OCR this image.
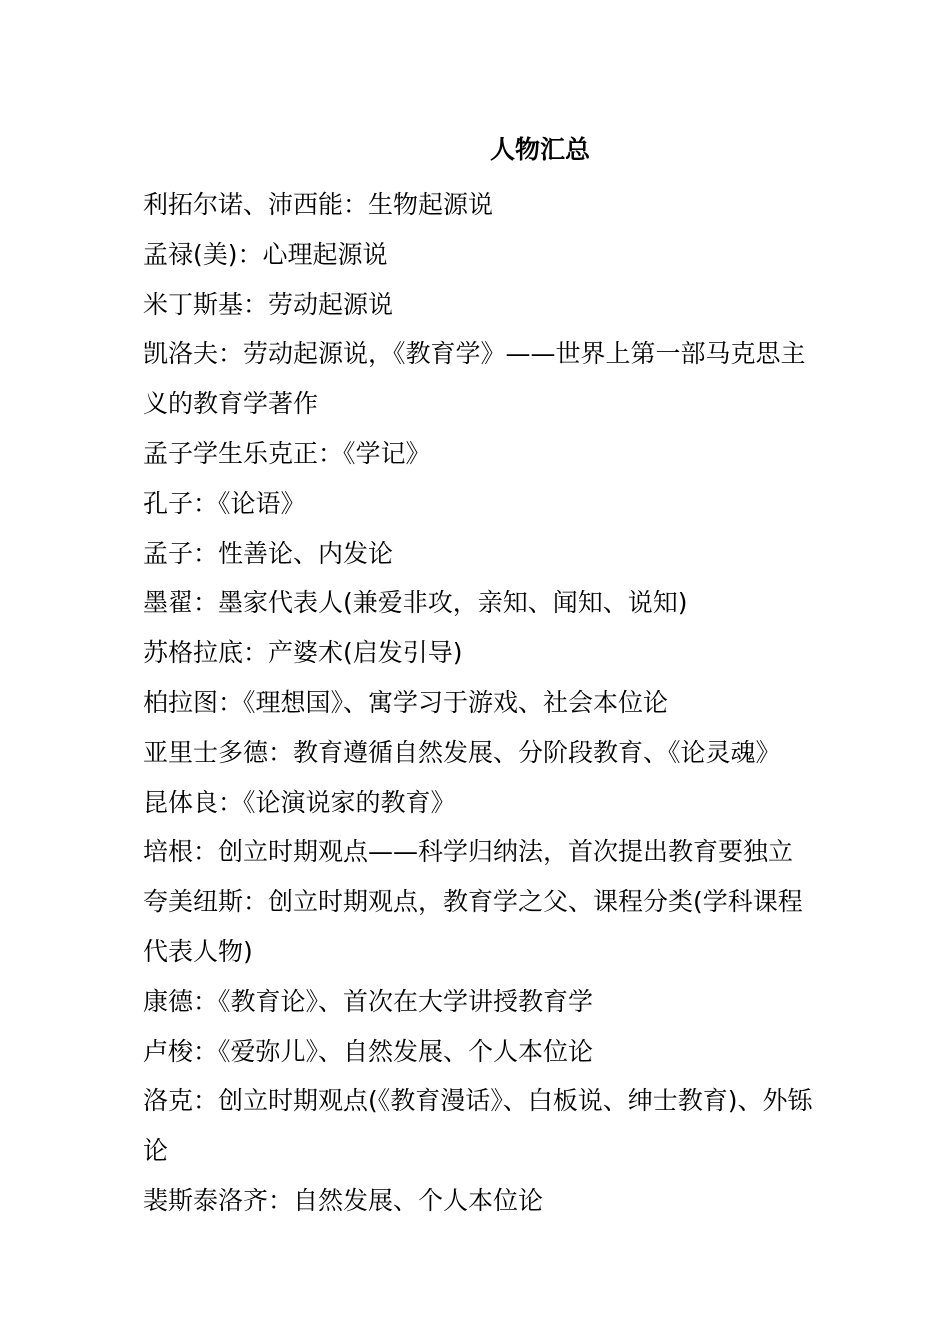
人物汇总
利拓尔诺、沛西能：生物起源说
孟禄(美)：心理起源说
米丁斯基：劳动起源说
凯洛夫：劳动起源说，《教育学》——世界上第一部马克思主
义的教育学著作
孟子学生乐克正：《学记》
孔子：《论语》
孟子：性善论、内发论
墨翟：墨家代表人(兼爱非攻，亲知、闻知、说知)
苏格拉底：产婆术(启发引导)
柏拉图：《理想国》、寓学习于游戏、社会本位论
亚里士多德：教育遵循自然发展、分阶段教育、《论灵魂》
昆体良：《论演说家的教育》
培根：创立时期观点——科学归纳法，首次提出教育要独立
夸美纽斯：创立时期观点，教育学之父、课程分类(学科课程
代表人物)
康德：《教育论》、首次在大学讲授教育学
卢梭：《爱弥儿》、自然发展、个人本位论
洛克：创立时期观点(《教育漫话》、白板说、绅士教育)、外铄
论
裴斯泰洛齐：自然发展、个人本位论
